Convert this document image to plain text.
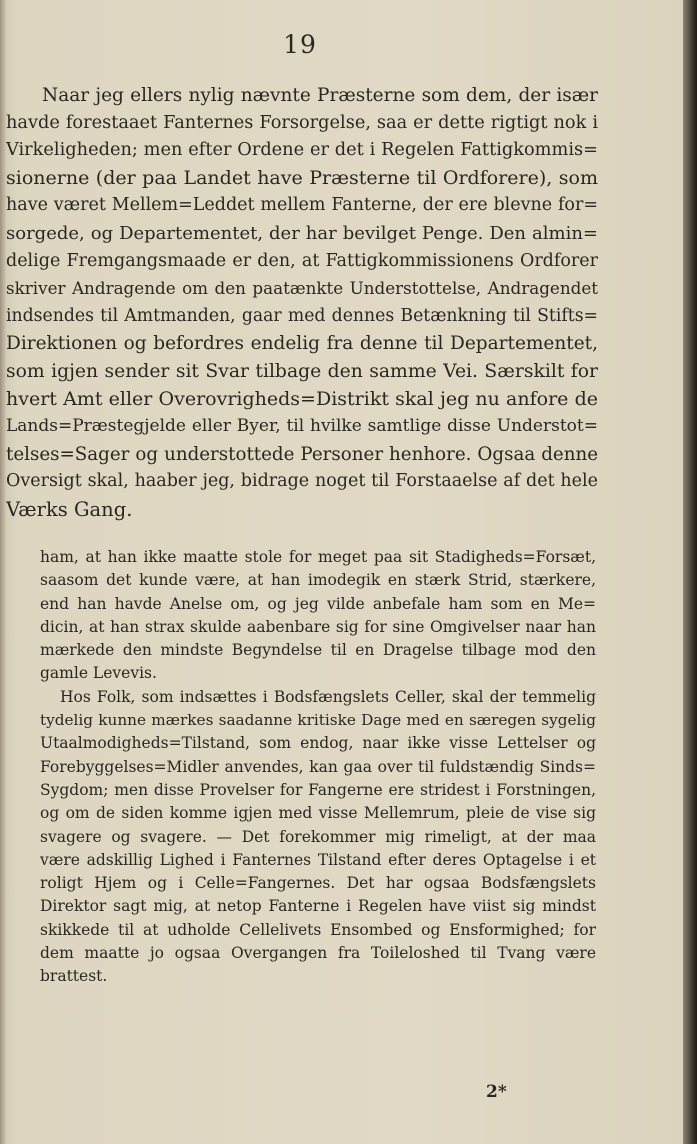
19
Naar jeg ellers nylig nævnte Præsterne som dem, der især
havde forestaaet Fanternes Forsorgelse, saa er dette rigtigt nok i
Virkeligheden; men efter Ordene er det i Regelen Fattigkommis=
sionerne (der paa Landet have Præsterne til Ordforere), som
have været Mellem=Leddet mellem Fanterne, der ere blevne for=
sorgede, og Departementet, der har bevilget Penge. Den almin=
delige Fremgangsmaade er den, at Fattigkommissionens Ordforer
skriver Andragende om den paatænkte Understottelse, Andragendet
indsendes til Amtmanden, gaar med dennes Betænkning til Stifts=
Direktionen og befordres endelig fra denne til Departementet,
som igjen sender sit Svar tilbage den samme Vei. Særskilt for
hvert Amt eller Overovrigheds=Distrikt skal jeg nu anfore de
Lands=Præstegjelde eller Byer, til hvilke samtlige disse Understot=
telses=Sager og understottede Personer henhore. Ogsaa denne
Oversigt skal, haaber jeg, bidrage noget til Forstaaelse af det hele
Værks Gang.
ham, at han ikke maatte stole for meget paa sit Stadigheds=Forsæt,
saasom det kunde være, at han imodegik en stærk Strid, stærkere,
end han havde Anelse om, og jeg vilde anbefale ham som en Me=
dicin, at han strax skulde aabenbare sig for sine Omgivelser naar han
mærkede den mindste Begyndelse til en Dragelse tilbage mod den
gamle Levevis.
Hos Folk, som indsættes i Bodsfængslets Celler, skal der temmelig
tydelig kunne mærkes saadanne kritiske Dage med en særegen sygelig
Utaalmodigheds=Tilstand, som endog, naar ikke visse Lettelser og
Forebyggelses=Midler anvendes, kan gaa over til fuldstændig Sinds=
Sygdom; men disse Provelser for Fangerne ere stridest i Forstningen,
og om de siden komme igjen med visse Mellemrum, pleie de vise sig
svagere og svagere. — Det forekommer mig rimeligt, at der maa
være adskillig Lighed i Fanternes Tilstand efter deres Optagelse i et
roligt Hjem og i Celle=Fangernes. Det har ogsaa Bodsfængslets
Direktor sagt mig, at netop Fanterne i Regelen have viist sig mindst
skikkede til at udholde Cellelivets Ensombed og Ensformighed; for
dem maatte jo ogsaa Overgangen fra Toileloshed til Tvang være
brattest.
2*
